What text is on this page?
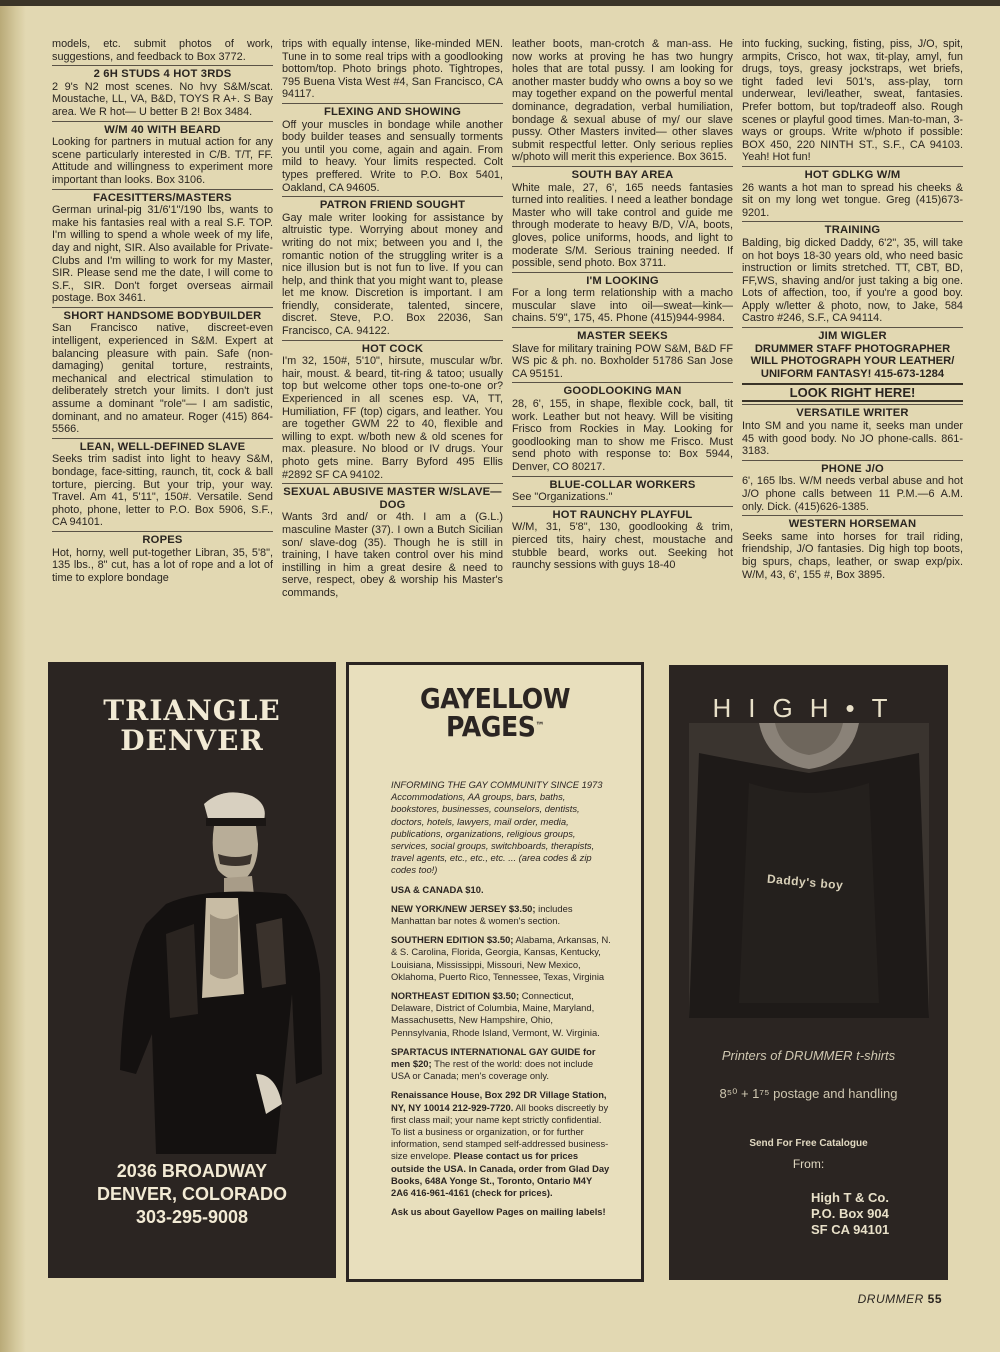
models, etc. submit photos of work, suggestions, and feedback to Box 3772.
2 6H STUDS 4 HOT 3RDS
2 9's N2 most scenes. No hvy S&M/scat. Moustache, LL, VA, B&D, TOYS R A+. S Bay area. We R hot— U better B 2! Box 3484.
W/M 40 WITH BEARD
Looking for partners in mutual action for any scene particularly interested in C/B. T/T, FF. Attitude and willingness to experiment more important than looks. Box 3106.
FACESITTERS/MASTERS
German urinal-pig 31/6'1"/190 lbs, wants to make his fantasies real with a real S.F. TOP. I'm willing to spend a whole week of my life, day and night, SIR. Also available for Private-Clubs and I'm willing to work for my Master, SIR. Please send me the date, I will come to S.F., SIR. Don't forget overseas airmail postage. Box 3461.
SHORT HANDSOME BODYBUILDER
San Francisco native, discreet-even intelligent, experienced in S&M. Expert at balancing pleasure with pain. Safe (non-damaging) genital torture, restraints, mechanical and electrical stimulation to deliberately stretch your limits. I don't just assume a dominant "role"— I am sadistic, dominant, and no amateur. Roger (415) 864-5566.
LEAN, WELL-DEFINED SLAVE
Seeks trim sadist into light to heavy S&M, bondage, face-sitting, raunch, tit, cock & ball torture, piercing. But your trip, your way. Travel. Am 41, 5'11", 150#. Versatile. Send photo, phone, letter to P.O. Box 5906, S.F., CA 94101.
ROPES
Hot, horny, well put-together Libran, 35, 5'8", 135 lbs., 8" cut, has a lot of rope and a lot of time to explore bondage
trips with equally intense, like-minded MEN. Tune in to some real trips with a goodlooking bottom/top. Photo brings photo. Tightropes, 795 Buena Vista West #4, San Francisco, CA 94117.
FLEXING AND SHOWING
Off your muscles in bondage while another body builder teases and sensually torments you until you come, again and again. From mild to heavy. Your limits respected. Colt types preffered. Write to P.O. Box 5401, Oakland, CA 94605.
PATRON FRIEND SOUGHT
Gay male writer looking for assistance by altruistic type. Worrying about money and writing do not mix; between you and I, the romantic notion of the struggling writer is a nice illusion but is not fun to live. If you can help, and think that you might want to, please let me know. Discretion is important. I am friendly, considerate, talented, sincere, discret. Steve, P.O. Box 22036, San Francisco, CA. 94122.
HOT COCK
I'm 32, 150#, 5'10", hirsute, muscular w/br. hair, moust. & beard, tit-ring & tatoo; usually top but welcome other tops one-to-one or? Experienced in all scenes esp. VA, TT, Humiliation, FF (top) cigars, and leather. You are together GWM 22 to 40, flexible and willing to expt. w/both new & old scenes for max. pleasure. No blood or IV drugs. Your photo gets mine. Barry Byford 495 Ellis #2892 SF CA 94102.
SEXUAL ABUSIVE MASTER W/SLAVE—DOG
Wants 3rd and/ or 4th. I am a (G.L.) masculine Master (37). I own a Butch Sicilian son/ slave-dog (35). Though he is still in training, I have taken control over his mind instilling in him a great desire & need to serve, respect, obey & worship his Master's commands,
leather boots, man-crotch & man-ass. He now works at proving he has two hungry holes that are total pussy. I am looking for another master buddy who owns a boy so we may together expand on the powerful mental dominance, degradation, verbal humiliation, bondage & sexual abuse of my/ our slave pussy. Other Masters invited— other slaves submit respectful letter. Only serious replies w/photo will merit this experience. Box 3615.
SOUTH BAY AREA
White male, 27, 6', 165 needs fantasies turned into realities. I need a leather bondage Master who will take control and guide me through moderate to heavy B/D, V/A, boots, gloves, police uniforms, hoods, and light to moderate S/M. Serious training needed. If possible, send photo. Box 3711.
I'M LOOKING
For a long term relationship with a macho muscular slave into oil—sweat—kink—chains. 5'9", 175, 45. Phone (415)944-9984.
MASTER SEEKS
Slave for military training POW S&M, B&D FF WS pic & ph. no. Boxholder 51786 San Jose CA 95151.
GOODLOOKING MAN
28, 6', 155, in shape, flexible cock, ball, tit work. Leather but not heavy. Will be visiting Frisco from Rockies in May. Looking for goodlooking man to show me Frisco. Must send photo with response to: Box 5944, Denver, CO 80217.
BLUE-COLLAR WORKERS
See "Organizations."
HOT RAUNCHY PLAYFUL
W/M, 31, 5'8", 130, goodlooking & trim, pierced tits, hairy chest, moustache and stubble beard, works out. Seeking hot raunchy sessions with guys 18-40
into fucking, sucking, fisting, piss, J/O, spit, armpits, Crisco, hot wax, tit-play, amyl, fun drugs, toys, greasy jockstraps, wet briefs, tight faded levi 501's, ass-play, torn underwear, levi/leather, sweat, fantasies. Prefer bottom, but top/tradeoff also. Rough scenes or playful good times. Man-to-man, 3-ways or groups. Write w/photo if possible: BOX 450, 220 NINTH ST., S.F., CA 94103. Yeah! Hot fun!
HOT GDLKG W/M
26 wants a hot man to spread his cheeks & sit on my long wet tongue. Greg (415)673-9201.
TRAINING
Balding, big dicked Daddy, 6'2", 35, will take on hot boys 18-30 years old, who need basic instruction or limits stretched. TT, CBT, BD, FF,WS, shaving and/or just taking a big one. Lots of affection, too, if you're a good boy. Apply w/letter & photo, now, to Jake, 584 Castro #246, S.F., CA 94114.
JIM WIGLER
DRUMMER STAFF PHOTOGRAPHER WILL PHOTOGRAPH YOUR LEATHER/ UNIFORM FANTASY! 415-673-1284
LOOK RIGHT HERE!
VERSATILE WRITER
Into SM and you name it, seeks man under 45 with good body. No JO phone-calls. 861-3183.
PHONE J/O
6', 165 lbs. W/M needs verbal abuse and hot J/O phone calls between 11 P.M.—6 A.M. only. Dick. (415)626-1385.
WESTERN HORSEMAN
Seeks same into horses for trail riding, friendship, J/O fantasies. Dig high top boots, big spurs, chaps, leather, or swap exp/pix. W/M, 43, 6', 155 #, Box 3895.
TRIANGLE
DENVER
2036 BROADWAY
DENVER, COLORADO
303-295-9008
GAYELLOW
PAGES™

INFORMING THE GAY COMMUNITY SINCE 1973 Accommodations, AA groups, bars, baths, bookstores, businesses, counselors, dentists, doctors, hotels, lawyers, mail order, media, publications, organizations, religious groups, services, social groups, switchboards, therapists, travel agents, etc., etc., etc. ... (area codes & zip codes too!)

USA & CANADA $10.

NEW YORK/NEW JERSEY $3.50; includes Manhattan bar notes & women's section.

SOUTHERN EDITION $3.50; Alabama, Arkansas, N. & S. Carolina, Florida, Georgia, Kansas, Kentucky, Louisiana, Mississippi, Missouri, New Mexico, Oklahoma, Puerto Rico, Tennessee, Texas, Virginia

NORTHEAST EDITION $3.50; Connecticut, Delaware, District of Columbia, Maine, Maryland, Massachusetts, New Hampshire, Ohio, Pennsylvania, Rhode Island, Vermont, W. Virginia.

SPARTACUS INTERNATIONAL GAY GUIDE for men $20; The rest of the world: does not include USA or Canada; men's coverage only.

Renaissance House, Box 292 DR Village Station, NY, NY 10014 212-929-7720. All books discreetly by first class mail; your name kept strictly confidential. To list a business or organization, or for further information, send stamped self-addressed business-size envelope. Please contact us for prices outside the USA. In Canada, order from Glad Day Books, 648A Yonge St., Toronto, Ontario M4Y 2A6 416-961-4161 (check for prices).

Ask us about Gayellow Pages on mailing labels!

HIGH•T
Daddy's boy
Printers of DRUMMER t-shirts
8⁵⁰ + 1⁷⁵ postage and handling
Send For Free Catalogue
From:
High T & Co.
P.O. Box 904
SF CA 94101
DRUMMER 55
